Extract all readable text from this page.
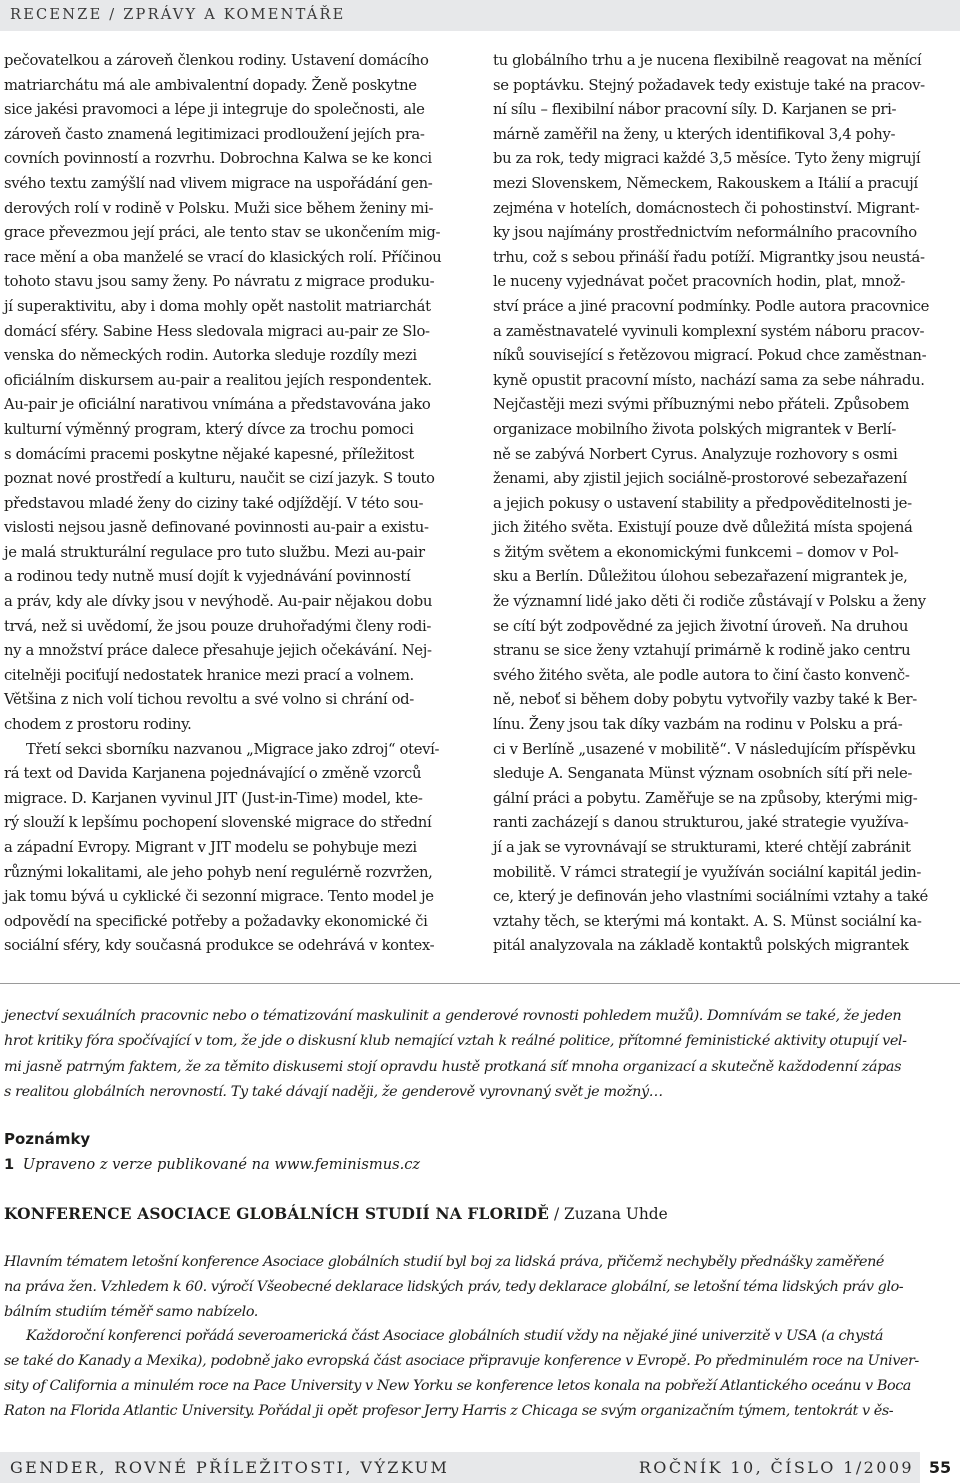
RECENZE / ZPRÁVY A KOMENTÁŘE

pečovatelkou a zároveň členkou rodiny. Ustavení domácího

matriarchátu má ale ambivalentní dopady. Ženě poskytne

sice jakési pravomoci a lépe ji integruje do společnosti, ale

zároveň často znamená legitimizaci prodloužení jejích pra-

covních povinností a rozvrhu. Dobrochna Kalwa se ke konci

svého textu zamýšlí nad vlivem migrace na uspořádání gen-

derových rolí v rodině v Polsku. Muži sice během ženiny mi-

grace převezmou její práci, ale tento stav se ukončením mig-

race mění a oba manželé se vrací do klasických rolí. Příčinou

tohoto stavu jsou samy ženy. Po návratu z migrace produku-

jí superaktivitu, aby i doma mohly opět nastolit matriarchát

domácí sféry. Sabine Hess sledovala migraci au-pair ze Slo-

venska do německých rodin. Autorka sleduje rozdíly mezi

oficiálním diskursem au-pair a realitou jejích respondentek.

Au-pair je oficiální narativou vnímána a představována jako

kulturní výměnný program, který dívce za trochu pomoci

s domácími pracemi poskytne nějaké kapesné, příležitost

poznat nové prostředí a kulturu, naučit se cizí jazyk. S touto

představou mladé ženy do ciziny také odjíždějí. V této sou-

vislosti nejsou jasně definované povinnosti au-pair a existu-

je malá strukturální regulace pro tuto službu. Mezi au-pair

a rodinou tedy nutně musí dojít k vyjednávání povinností

a práv, kdy ale dívky jsou v nevýhodě. Au-pair nějakou dobu

trvá, než si uvědomí, že jsou pouze druhořadými členy rodi-

ny a množství práce dalece přesahuje jejich očekávání. Nej-

citelněji pociťují nedostatek hranice mezi prací a volnem.

Většina z nich volí tichou revoltu a své volno si chrání od-

chodem z prostoru rodiny.

Třetí sekci sborníku nazvanou „Migrace jako zdroj“ oteví-

rá text od Davida Karjanena pojednávající o změně vzorců

migrace. D. Karjanen vyvinul JIT (Just-in-Time) model, kte-

rý slouží k lepšímu pochopení slovenské migrace do střední

a západní Evropy. Migrant v JIT modelu se pohybuje mezi

různými lokalitami, ale jeho pohyb není regulérně rozvržen,

jak tomu bývá u cyklické či sezonní migrace. Tento model je

odpovědí na specifické potřeby a požadavky ekonomické či

sociální sféry, kdy současná produkce se odehrává v kontex-

tu globálního trhu a je nucena flexibilně reagovat na měnící

se poptávku. Stejný požadavek tedy existuje také na pracov-

ní sílu – flexibilní nábor pracovní síly. D. Karjanen se pri-

márně zaměřil na ženy, u kterých identifikoval 3,4 pohy-

bu za rok, tedy migraci každé 3,5 měsíce. Tyto ženy migrují

mezi Slovenskem, Německem, Rakouskem a Itálií a pracují

zejména v hotelích, domácnostech či pohostinství. Migrant-

ky jsou najímány prostřednictvím neformálního pracovního

trhu, což s sebou přináší řadu potíží. Migrantky jsou neustá-

le nuceny vyjednávat počet pracovních hodin, plat, množ-

ství práce a jiné pracovní podmínky. Podle autora pracovnice

a zaměstnavatelé vyvinuli komplexní systém náboru pracov-

níků související s řetězovou migrací. Pokud chce zaměstnan-

kyně opustit pracovní místo, nachází sama za sebe náhradu.

Nejčastěji mezi svými příbuznými nebo přáteli. Způsobem

organizace mobilního života polských migrantek v Berlí-

ně se zabývá Norbert Cyrus. Analyzuje rozhovory s osmi

ženami, aby zjistil jejich sociálně-prostorové sebezařazení

a jejich pokusy o ustavení stability a předpověditelnosti je-

jich žitého světa. Existují pouze dvě důležitá místa spojená

s žitým světem a ekonomickými funkcemi – domov v Pol-

sku a Berlín. Důležitou úlohou sebezařazení migrantek je,

že významní lidé jako děti či rodiče zůstávají v Polsku a ženy

se cítí být zodpovědné za jejich životní úroveň. Na druhou

stranu se sice ženy vztahují primárně k rodině jako centru

svého žitého světa, ale podle autora to činí často konvenč-

ně, neboť si během doby pobytu vytvořily vazby také k Ber-

línu. Ženy jsou tak díky vazbám na rodinu v Polsku a prá-

ci v Berlíně „usazené v mobilitě“. V následujícím příspěvku

sleduje A. Senganata Münst význam osobních sítí při nele-

gální práci a pobytu. Zaměřuje se na způsoby, kterými mig-

ranti zacházejí s danou strukturou, jaké strategie využíva-

jí a jak se vyrovnávají se strukturami, které chtějí zabránit

mobilitě. V rámci strategií je využíván sociální kapitál jedin-

ce, který je definován jeho vlastními sociálními vztahy a také

vztahy těch, se kterými má kontakt. A. S. Münst sociální ka-

pitál analyzovala na základě kontaktů polských migrantek

jenectví sexuálních pracovnic nebo o tématizování maskulinit a genderové rovnosti pohledem mužů). Domnívám se také, že jeden

hrot kritiky fóra spočívající v tom, že jde o diskusní klub nemající vztah k reálné politice, přítomné feministické aktivity otupují vel-

mi jasně patrným faktem, že za těmito diskusemi stojí opravdu hustě protkaná síť mnoha organizací a skutečně každodenní zápas

s realitou globálních nerovností. Ty také dávají naději, že genderově vyrovnaný svět je možný…

Poznámky
1 Upraveno z verze publikované na www.feminismus.cz
KONFERENCE ASOCIACE GLOBÁLNÍCH STUDIÍ NA FLORIDĚ / Zuzana Uhde

Hlavním tématem letošní konference Asociace globálních studií byl boj za lidská práva, přičemž nechyběly přednášky zaměřené

na práva žen. Vzhledem k 60. výročí Všeobecné deklarace lidských práv, tedy deklarace globální, se letošní téma lidských práv glo-

bálním studiím téměř samo nabízelo.

Každoroční konferenci pořádá severoamerická část Asociace globálních studií vždy na nějaké jiné univerzitě v USA (a chystá

se také do Kanady a Mexika), podobně jako evropská část asociace připravuje konference v Evropě. Po předminulém roce na Univer-

sity of California a minulém roce na Pace University v New Yorku se konference letos konala na pobřeží Atlantického oceánu v Boca

Raton na Florida Atlantic University. Pořádal ji opět profesor Jerry Harris z Chicaga se svým organizačním týmem, tentokrát v ěs-

GENDER, ROVNÉ PŘÍLEŽITOSTI, VÝZKUM	ROČNÍK 10, ČÍSLO 1/2009 55
